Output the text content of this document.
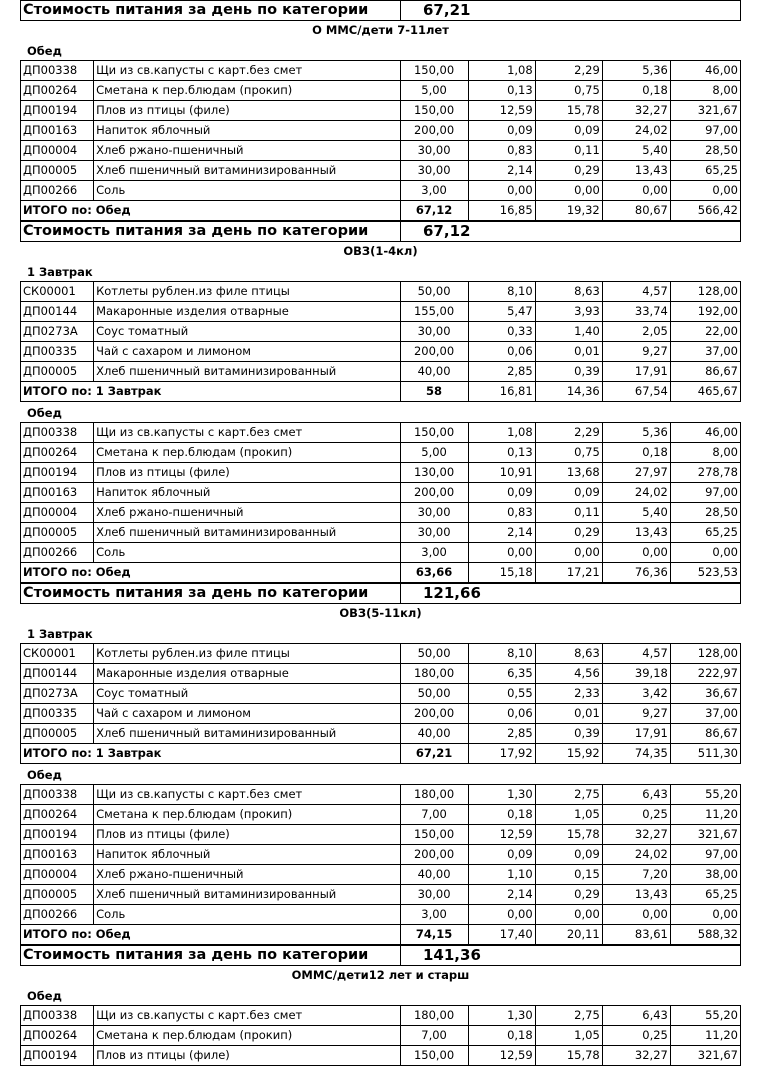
Стоимость питания за день по категории	67,21
О ММС/дети 7-11лет
Обед
ДП00338	Щи из св.капусты с карт.без смет	150,00	1,08	2,29	5,36	46,00
ДП00264	Сметана к пер.блюдам (прокип)	5,00	0,13	0,75	0,18	8,00
ДП00194	Плов из птицы (филе)	150,00	12,59	15,78	32,27	321,67
ДП00163	Напиток яблочный	200,00	0,09	0,09	24,02	97,00
ДП00004	Хлеб ржано-пшеничный	30,00	0,83	0,11	5,40	28,50
ДП00005	Хлеб пшеничный витаминизированный	30,00	2,14	0,29	13,43	65,25
ДП00266	Соль	3,00	0,00	0,00	0,00	0,00
ИТОГО по: Обед		67,12	16,85	19,32	80,67	566,42
Стоимость питания за день по категории	67,12
ОВЗ(1-4кл)
1 Завтрак
СК00001	Котлеты рублен.из филе птицы	50,00	8,10	8,63	4,57	128,00
ДП00144	Макаронные изделия отварные	155,00	5,47	3,93	33,74	192,00
ДП0273А	Соус томатный	30,00	0,33	1,40	2,05	22,00
ДП00335	Чай с сахаром и лимоном	200,00	0,06	0,01	9,27	37,00
ДП00005	Хлеб пшеничный витаминизированный	40,00	2,85	0,39	17,91	86,67
ИТОГО по: 1 Завтрак		58	16,81	14,36	67,54	465,67
Обед
ДП00338	Щи из св.капусты с карт.без смет	150,00	1,08	2,29	5,36	46,00
ДП00264	Сметана к пер.блюдам (прокип)	5,00	0,13	0,75	0,18	8,00
ДП00194	Плов из птицы (филе)	130,00	10,91	13,68	27,97	278,78
ДП00163	Напиток яблочный	200,00	0,09	0,09	24,02	97,00
ДП00004	Хлеб ржано-пшеничный	30,00	0,83	0,11	5,40	28,50
ДП00005	Хлеб пшеничный витаминизированный	30,00	2,14	0,29	13,43	65,25
ДП00266	Соль	3,00	0,00	0,00	0,00	0,00
ИТОГО по: Обед		63,66	15,18	17,21	76,36	523,53
Стоимость питания за день по категории	121,66
ОВЗ(5-11кл)
1 Завтрак
СК00001	Котлеты рублен.из филе птицы	50,00	8,10	8,63	4,57	128,00
ДП00144	Макаронные изделия отварные	180,00	6,35	4,56	39,18	222,97
ДП0273А	Соус томатный	50,00	0,55	2,33	3,42	36,67
ДП00335	Чай с сахаром и лимоном	200,00	0,06	0,01	9,27	37,00
ДП00005	Хлеб пшеничный витаминизированный	40,00	2,85	0,39	17,91	86,67
ИТОГО по: 1 Завтрак		67,21	17,92	15,92	74,35	511,30
Обед
ДП00338	Щи из св.капусты с карт.без смет	180,00	1,30	2,75	6,43	55,20
ДП00264	Сметана к пер.блюдам (прокип)	7,00	0,18	1,05	0,25	11,20
ДП00194	Плов из птицы (филе)	150,00	12,59	15,78	32,27	321,67
ДП00163	Напиток яблочный	200,00	0,09	0,09	24,02	97,00
ДП00004	Хлеб ржано-пшеничный	40,00	1,10	0,15	7,20	38,00
ДП00005	Хлеб пшеничный витаминизированный	30,00	2,14	0,29	13,43	65,25
ДП00266	Соль	3,00	0,00	0,00	0,00	0,00
ИТОГО по: Обед		74,15	17,40	20,11	83,61	588,32
Стоимость питания за день по категории	141,36
ОММС/дети12 лет и старш
Обед
ДП00338	Щи из св.капусты с карт.без смет	180,00	1,30	2,75	6,43	55,20
ДП00264	Сметана к пер.блюдам (прокип)	7,00	0,18	1,05	0,25	11,20
ДП00194	Плов из птицы (филе)	150,00	12,59	15,78	32,27	321,67
